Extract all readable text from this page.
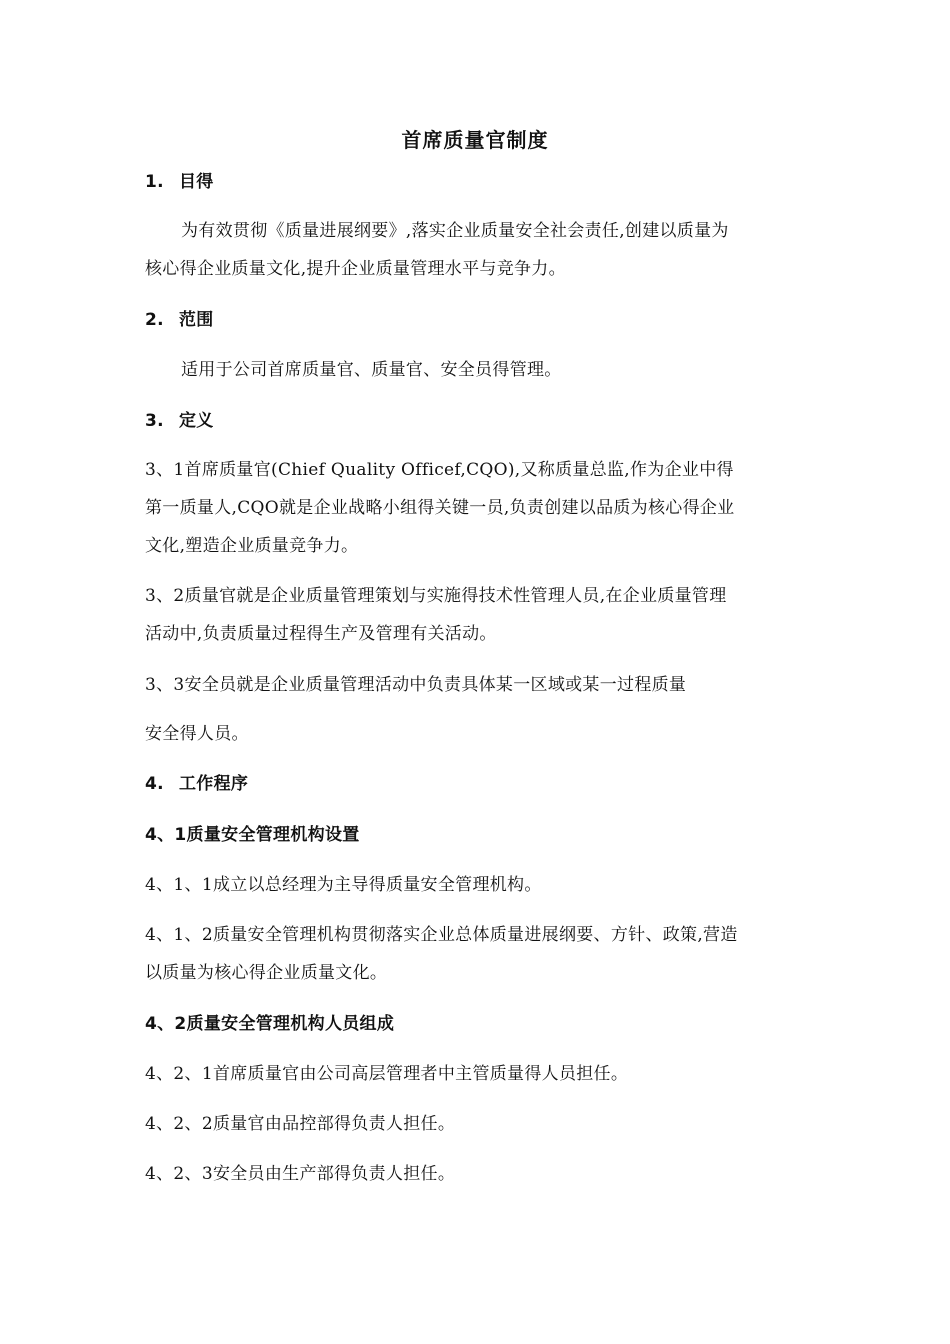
首席质量官制度
1. 目得
为有效贯彻《质量进展纲要》,落实企业质量安全社会责任,创建以质量为
核心得企业质量文化,提升企业质量管理水平与竞争力。
2. 范围
适用于公司首席质量官、质量官、安全员得管理。
3. 定义
3、1首席质量官(Chief Quality Officef,CQO),又称质量总监,作为企业中得
第一质量人,CQO就是企业战略小组得关键一员,负责创建以品质为核心得企业
文化,塑造企业质量竞争力。
3、2质量官就是企业质量管理策划与实施得技术性管理人员,在企业质量管理
活动中,负责质量过程得生产及管理有关活动。
3、3安全员就是企业质量管理活动中负责具体某一区域或某一过程质量
安全得人员。
4. 工作程序
4、1质量安全管理机构设置
4、1、1成立以总经理为主导得质量安全管理机构。
4、1、2质量安全管理机构贯彻落实企业总体质量进展纲要、方针、政策,营造
以质量为核心得企业质量文化。
4、2质量安全管理机构人员组成
4、2、1首席质量官由公司高层管理者中主管质量得人员担任。
4、2、2质量官由品控部得负责人担任。
4、2、3安全员由生产部得负责人担任。
